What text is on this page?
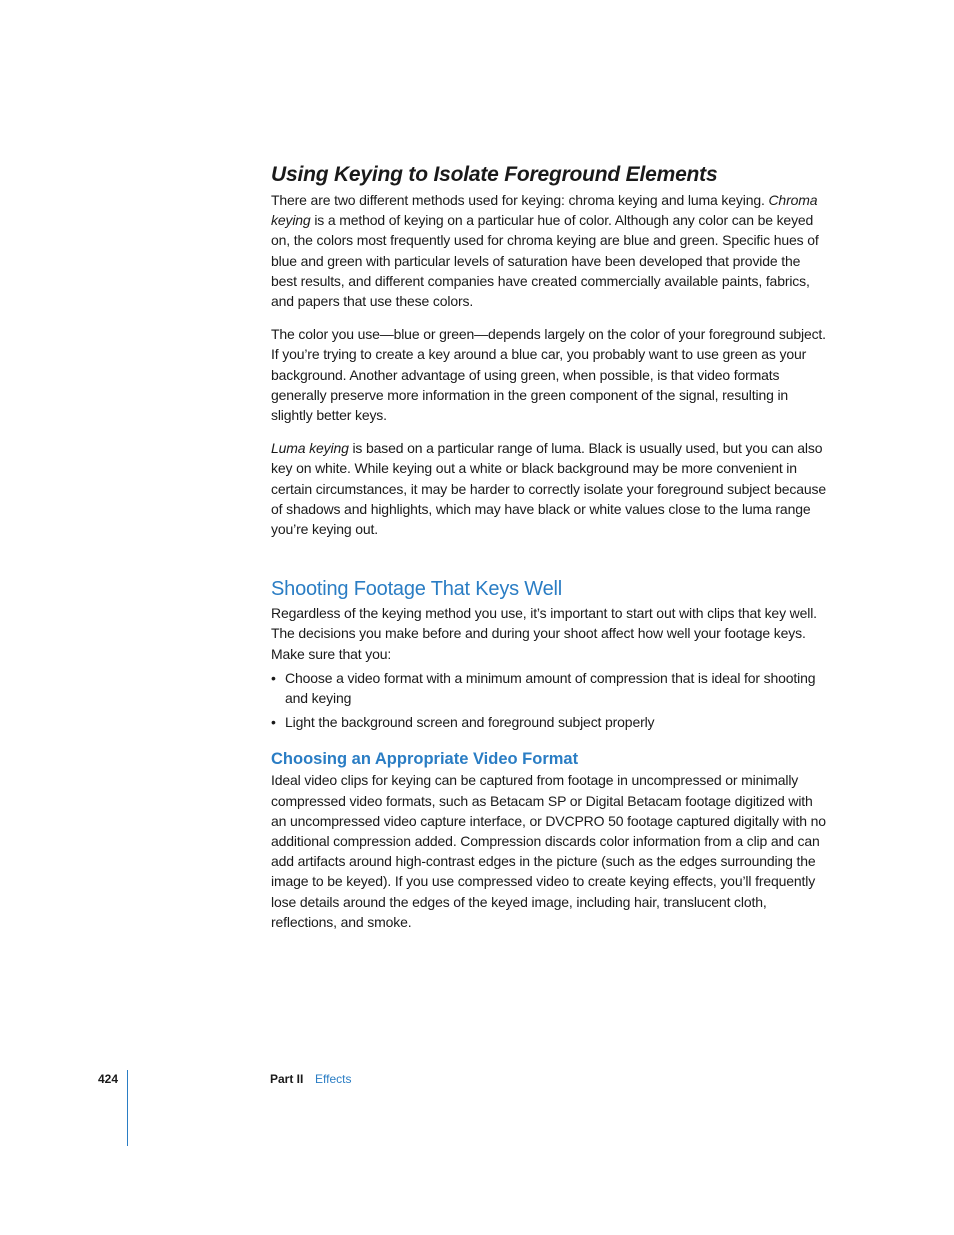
Using Keying to Isolate Foreground Elements

There are two different methods used for keying: chroma keying and luma keying. Chroma keying is a method of keying on a particular hue of color. Although any color can be keyed on, the colors most frequently used for chroma keying are blue and green. Specific hues of blue and green with particular levels of saturation have been developed that provide the best results, and different companies have created commercially available paints, fabrics, and papers that use these colors.

The color you use—blue or green—depends largely on the color of your foreground subject. If you’re trying to create a key around a blue car, you probably want to use green as your background. Another advantage of using green, when possible, is that video formats generally preserve more information in the green component of the signal, resulting in slightly better keys.

Luma keying is based on a particular range of luma. Black is usually used, but you can also key on white. While keying out a white or black background may be more convenient in certain circumstances, it may be harder to correctly isolate your foreground subject because of shadows and highlights, which may have black or white values close to the luma range you’re keying out.

Shooting Footage That Keys Well

Regardless of the keying method you use, it’s important to start out with clips that key well. The decisions you make before and during your shoot affect how well your footage keys. Make sure that you:

• Choose a video format with a minimum amount of compression that is ideal for shooting and keying
• Light the background screen and foreground subject properly
Choosing an Appropriate Video Format

Ideal video clips for keying can be captured from footage in uncompressed or minimally compressed video formats, such as Betacam SP or Digital Betacam footage digitized with an uncompressed video capture interface, or DVCPRO 50 footage captured digitally with no additional compression added. Compression discards color information from a clip and can add artifacts around high-contrast edges in the picture (such as the edges surrounding the image to be keyed). If you use compressed video to create keying effects, you’ll frequently lose details around the edges of the keyed image, including hair, translucent cloth, reflections, and smoke.

424	Part II Effects
